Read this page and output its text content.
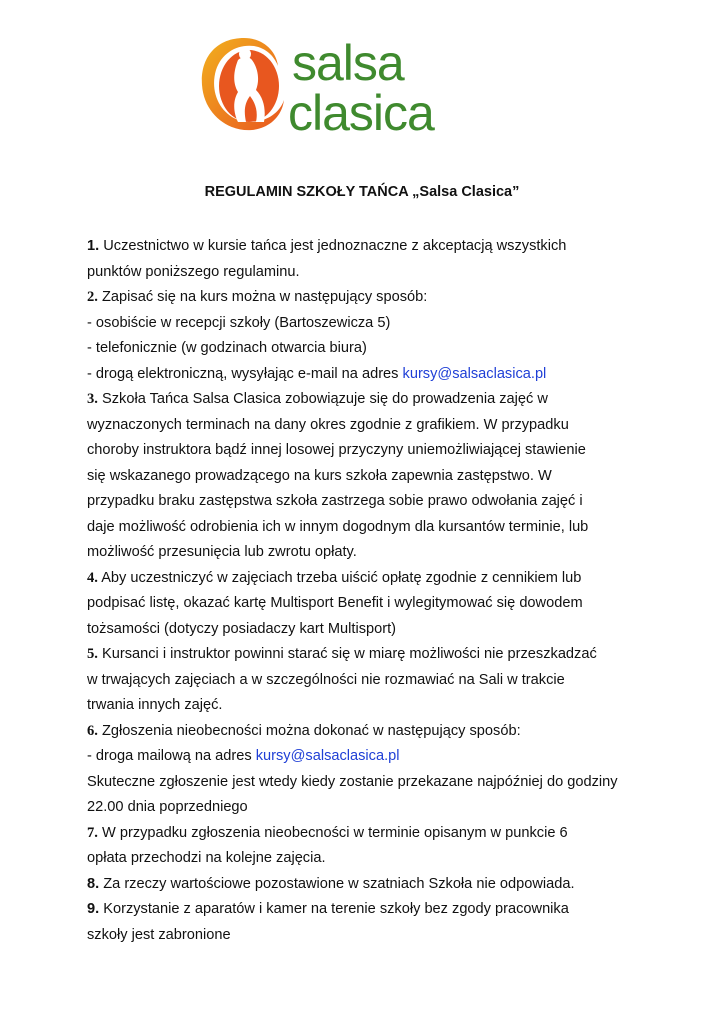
salsa
clasica
REGULAMIN SZKOŁY TAŃCA „Salsa Clasica”
1. Uczestnictwo w kursie tańca jest jednoznaczne z akceptacją wszystkich
punktów poniższego regulaminu.
2. Zapisać się na kurs można w następujący sposób:
- osobiście w recepcji szkoły (Bartoszewicza 5)
- telefonicznie (w godzinach otwarcia biura)
- drogą elektroniczną, wysyłając e-mail na adres kursy@salsaclasica.pl
3. Szkoła Tańca Salsa Clasica zobowiązuje się do prowadzenia zajęć w
wyznaczonych terminach na dany okres zgodnie z grafikiem. W przypadku
choroby instruktora bądź innej losowej przyczyny uniemożliwiającej stawienie
się wskazanego prowadzącego na kurs szkoła zapewnia zastępstwo. W
przypadku braku zastępstwa szkoła zastrzega sobie prawo odwołania zajęć i
daje możliwość odrobienia ich w innym dogodnym dla kursantów terminie, lub
możliwość przesunięcia lub zwrotu opłaty.
4. Aby uczestniczyć w zajęciach trzeba uiścić opłatę zgodnie z cennikiem lub
podpisać listę, okazać kartę Multisport Benefit i wylegitymować się dowodem
tożsamości (dotyczy posiadaczy kart Multisport)
5. Kursanci i instruktor powinni starać się w miarę możliwości nie przeszkadzać
w trwających zajęciach a w szczególności nie rozmawiać na Sali w trakcie
trwania innych zajęć.
6. Zgłoszenia nieobecności można dokonać w następujący sposób:
- droga mailową na adres kursy@salsaclasica.pl
Skuteczne zgłoszenie jest wtedy kiedy zostanie przekazane najpóźniej do godziny
22.00 dnia poprzedniego
7. W przypadku zgłoszenia nieobecności w terminie opisanym w punkcie 6
opłata przechodzi na kolejne zajęcia.
8. Za rzeczy wartościowe pozostawione w szatniach Szkoła nie odpowiada.
9. Korzystanie z aparatów i kamer na terenie szkoły bez zgody pracownika
szkoły jest zabronione
